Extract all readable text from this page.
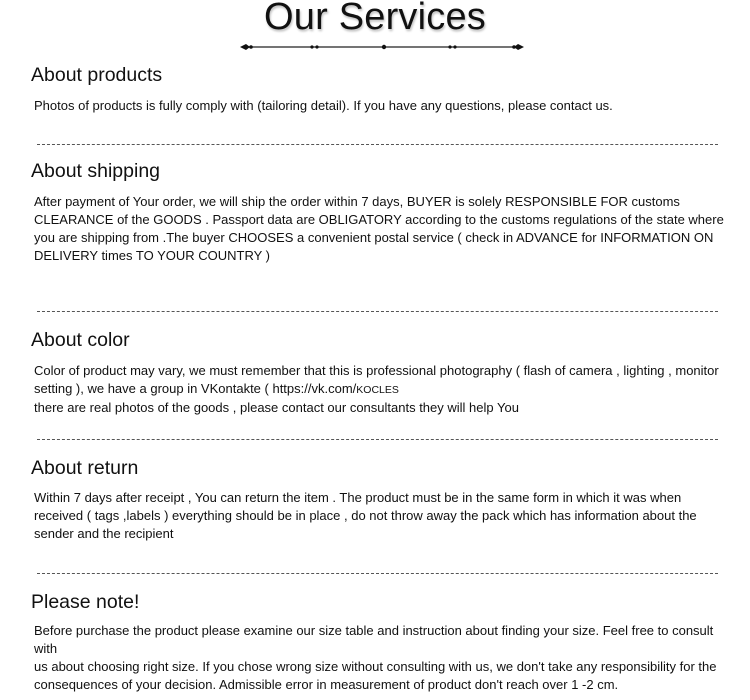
Our Services
About products

Photos of products is fully comply with (tailoring detail). If you have any questions, please contact us.

About shipping
After payment of Your order, we will ship the order within 7 days, BUYER is solely RESPONSIBLE FOR customs
CLEARANCE of the GOODS . Passport data are OBLIGATORY according to the customs regulations of the state where
you are shipping from .The buyer CHOOSES a convenient postal service ( check in ADVANCE for INFORMATION ON
DELIVERY times TO YOUR COUNTRY )
About color
Color of product may vary, we must remember that this is professional photography ( flash of camera , lighting , monitor
setting ), we have a group in VKontakte ( https://vk.com/KOCLES
there are real photos of the goods , please contact our consultants they will help You
About return
Within 7 days after receipt , You can return the item . The product must be in the same form in which it was when
received ( tags ,labels ) everything should be in place , do not throw away the pack which has information about the
sender and the recipient
Please note!
Before purchase the product please examine our size table and instruction about finding your size. Feel free to consult with
us about choosing right size. If you chose wrong size without consulting with us, we don't take any responsibility for the
consequences of your decision. Admissible error in measurement of product don't reach over 1 -2 cm.
